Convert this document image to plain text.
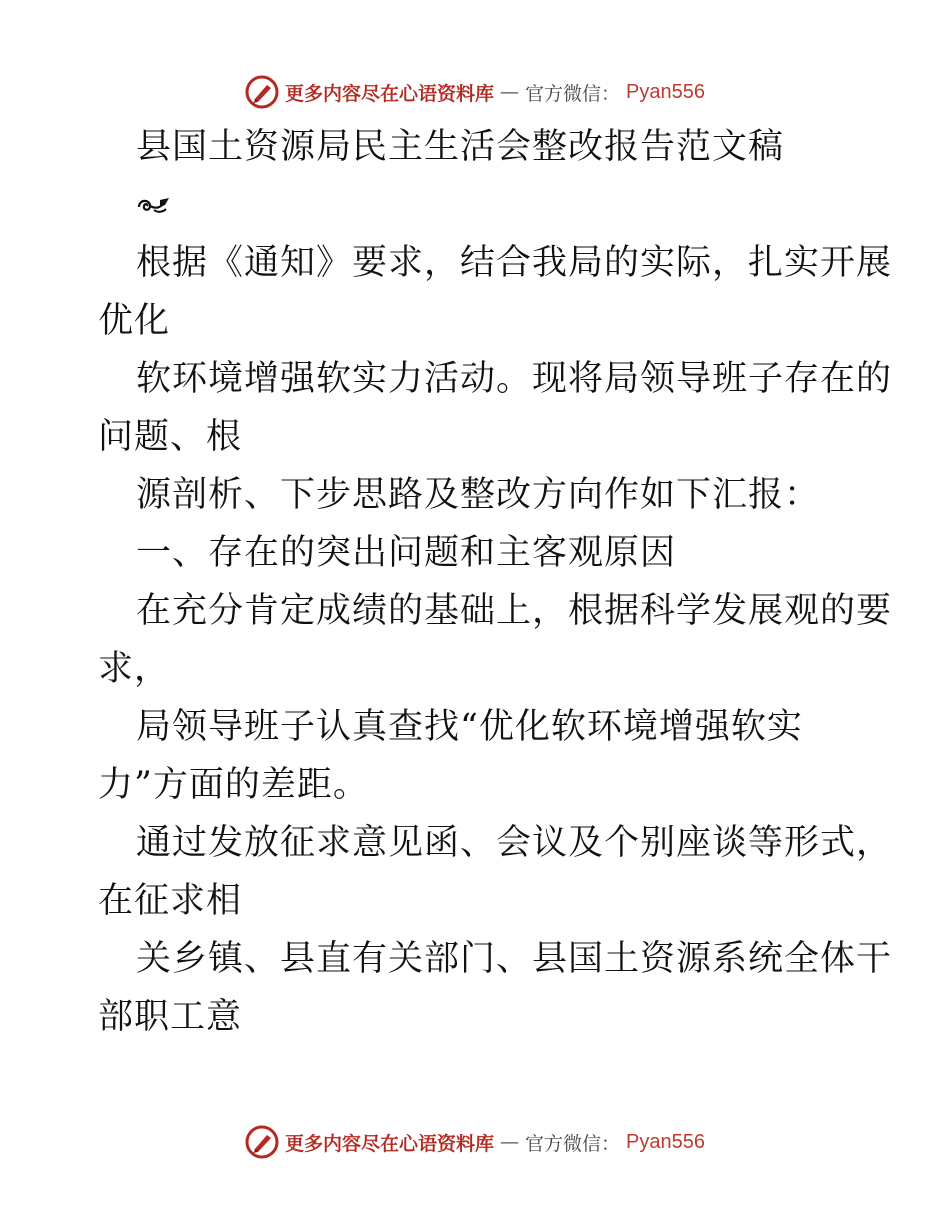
更多内容尽在心语资料库 — 官方微信： Pyan556
县国土资源局民主生活会整改报告范文稿
根据《通知》要求，结合我局的实际，扎实开展
优化
软环境增强软实力活动。现将局领导班子存在的
问题、根
源剖析、下步思路及整改方向作如下汇报：
一、存在的突出问题和主客观原因
在充分肯定成绩的基础上，根据科学发展观的要
求，
局领导班子认真查找“优化软环境增强软实
力”方面的差距。
通过发放征求意见函、会议及个别座谈等形式，
在征求相
关乡镇、县直有关部门、县国土资源系统全体干
部职工意
更多内容尽在心语资料库 — 官方微信： Pyan556
